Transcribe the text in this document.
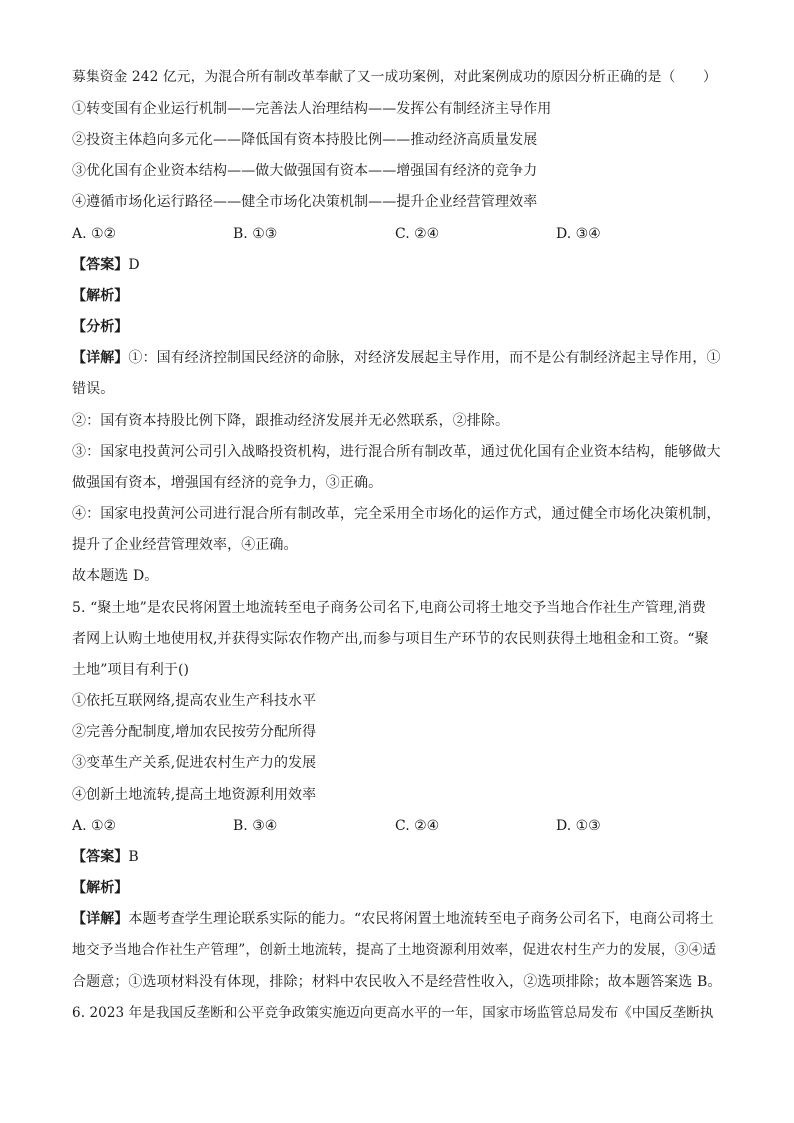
募集资金 242 亿元，为混合所有制改革奉献了又一成功案例，对此案例成功的原因分析正确的是（　　）
①转变国有企业运行机制——完善法人治理结构——发挥公有制经济主导作用
②投资主体趋向多元化——降低国有资本持股比例——推动经济高质量发展
③优化国有企业资本结构——做大做强国有资本——增强国有经济的竞争力
④遵循市场化运行路径——健全市场化决策机制——提升企业经营管理效率
A. ①②	B. ①③	C. ②④	D. ③④
【答案】D
【解析】
【分析】
【详解】①：国有经济控制国民经济的命脉，对经济发展起主导作用，而不是公有制经济起主导作用，①
错误。
②：国有资本持股比例下降，跟推动经济发展并无必然联系，②排除。
③：国家电投黄河公司引入战略投资机构，进行混合所有制改革，通过优化国有企业资本结构，能够做大
做强国有资本，增强国有经济的竞争力，③正确。
④：国家电投黄河公司进行混合所有制改革，完全采用全市场化的运作方式，通过健全市场化决策机制，
提升了企业经营管理效率，④正确。
故本题选 D。
5. “聚土地”是农民将闲置土地流转至电子商务公司名下,电商公司将土地交予当地合作社生产管理,消费
者网上认购土地使用权,并获得实际农作物产出,而参与项目生产环节的农民则获得土地租金和工资。“聚
土地”项目有利于()
①依托互联网络,提高农业生产科技水平
②完善分配制度,增加农民按劳分配所得
③变革生产关系,促进农村生产力的发展
④创新土地流转,提高土地资源利用效率
A. ①②	B. ③④	C. ②④	D. ①③
【答案】B
【解析】
【详解】本题考查学生理论联系实际的能力。“农民将闲置土地流转至电子商务公司名下，电商公司将土
地交予当地合作社生产管理”，创新土地流转，提高了土地资源利用效率，促进农村生产力的发展，③④适
合题意；①选项材料没有体现，排除；材料中农民收入不是经营性收入，②选项排除；故本题答案选 B。
6. 2023 年是我国反垄断和公平竞争政策实施迈向更高水平的一年，国家市场监管总局发布《中国反垄断执
